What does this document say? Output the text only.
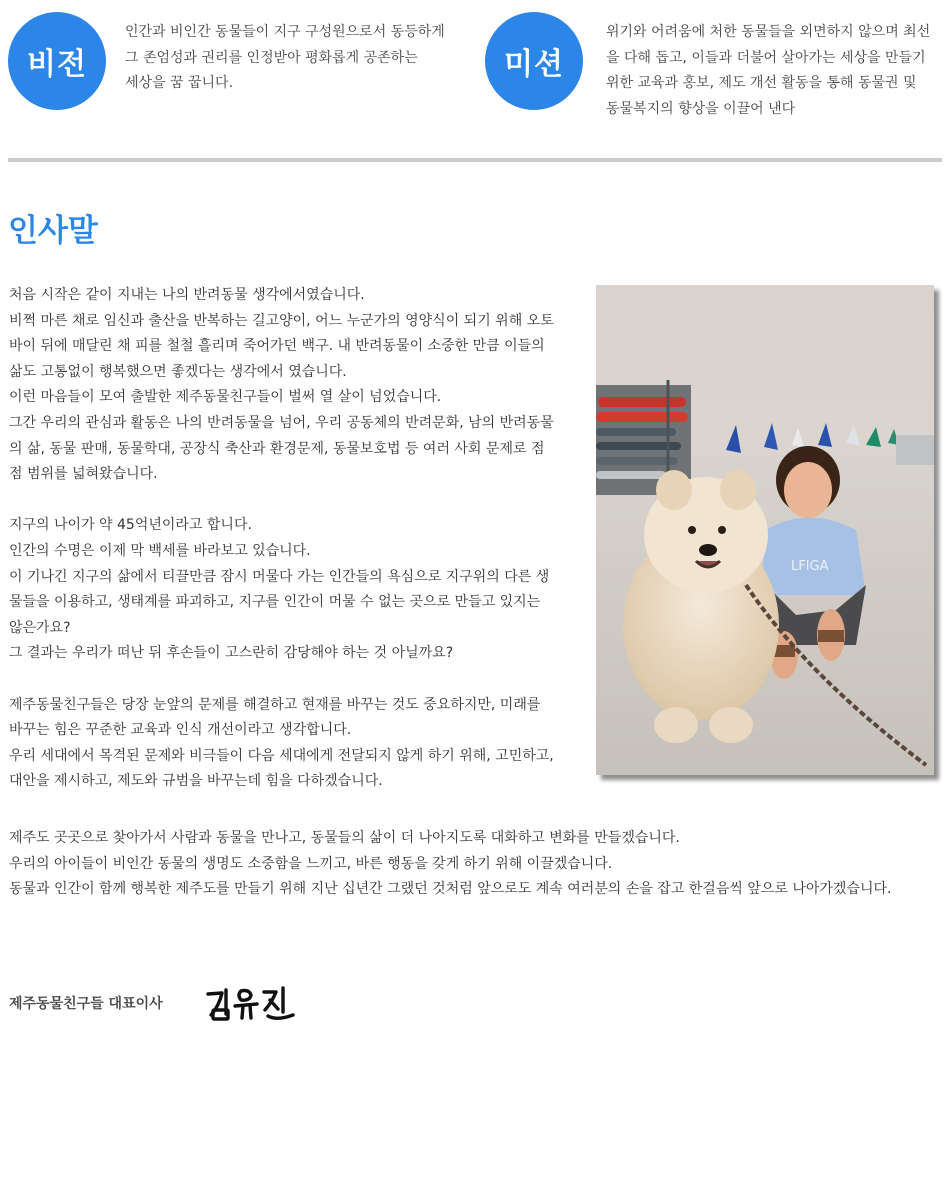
비전

인간과 비인간 동물들이 지구 구성원으로서 동등하게
그 존엄성과 권리를 인정받아 평화롭게 공존하는
세상을 꿈 꿉니다.

미션

위기와 어려움에 처한 동물들을 외면하지 않으며 최선
을 다해 돕고, 이들과 더불어 살아가는 세상을 만들기
위한 교육과 홍보, 제도 개선 활동을 통해 동물권 및
동물복지의 향상을 이끌어 낸다

인사말
처음 시작은 같이 지내는 나의 반려동물 생각에서였습니다.
비쩍 마른 채로 임신과 출산을 반복하는 길고양이, 어느 누군가의 영양식이 되기 위해 오토
바이 뒤에 매달린 채 피를 철철 흘리며 죽어가던 백구. 내 반려동물이 소중한 만큼 이들의
삶도 고통없이 행복했으면 좋겠다는 생각에서 였습니다.
이런 마음들이 모여 출발한 제주동물친구들이 벌써 열 살이 넘었습니다.
그간 우리의 관심과 활동은 나의 반려동물을 넘어, 우리 공동체의 반려문화, 남의 반려동물
의 삶, 동물 판매, 동물학대, 공장식 축산과 환경문제, 동물보호법 등 여러 사회 문제로 점
점 범위를 넓혀왔습니다.
지구의 나이가 약 45억년이라고 합니다.
인간의 수명은 이제 막 백세를 바라보고 있습니다.
이 기나긴 지구의 삶에서 티끌만큼 잠시 머물다 가는 인간들의 욕심으로 지구위의 다른 생
물들을 이용하고, 생태계를 파괴하고, 지구를 인간이 머물 수 없는 곳으로 만들고 있지는
않은가요?
그 결과는 우리가 떠난 뒤 후손들이 고스란히 감당해야 하는 것 아닐까요?
제주동물친구들은 당장 눈앞의 문제를 해결하고 현재를 바꾸는 것도 중요하지만, 미래를
바꾸는 힘은 꾸준한 교육과 인식 개선이라고 생각합니다.
우리 세대에서 목격된 문제와 비극들이 다음 세대에게 전달되지 않게 하기 위해, 고민하고,
대안을 제시하고, 제도와 규범을 바꾸는데 힘을 다하겠습니다.
LFIGA
제주도 곳곳으로 찾아가서 사람과 동물을 만나고, 동물들의 삶이 더 나아지도록 대화하고 변화를 만들겠습니다.
우리의 아이들이 비인간 동물의 생명도 소중함을 느끼고, 바른 행동을 갖게 하기 위해 이끌겠습니다.
동물과 인간이 함께 행복한 제주도를 만들기 위해 지난 십년간 그랬던 것처럼 앞으로도 계속 여러분의 손을 잡고 한걸음씩 앞으로 나아가겠습니다.
제주동물친구들 대표이사
